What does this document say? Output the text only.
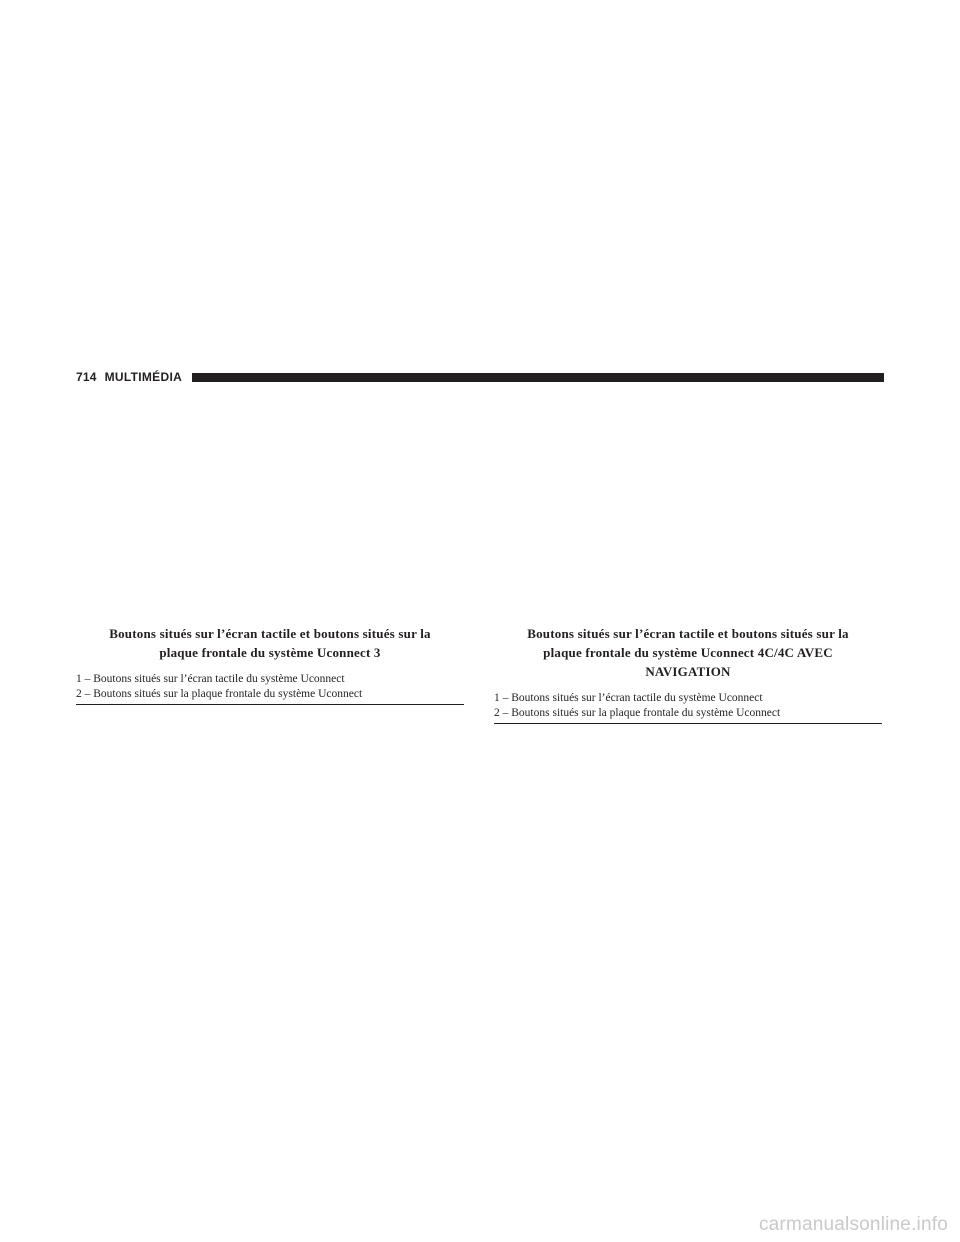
714 MULTIMÉDIA

Boutons situés sur l’écran tactile et boutons situés sur la
plaque frontale du système Uconnect 3

1 – Boutons situés sur l’écran tactile du système Uconnect
2 – Boutons situés sur la plaque frontale du système Uconnect

Boutons situés sur l’écran tactile et boutons situés sur la
plaque frontale du système Uconnect 4C/4C AVEC
NAVIGATION

1 – Boutons situés sur l’écran tactile du système Uconnect
2 – Boutons situés sur la plaque frontale du système Uconnect
carmanualsonline.info
